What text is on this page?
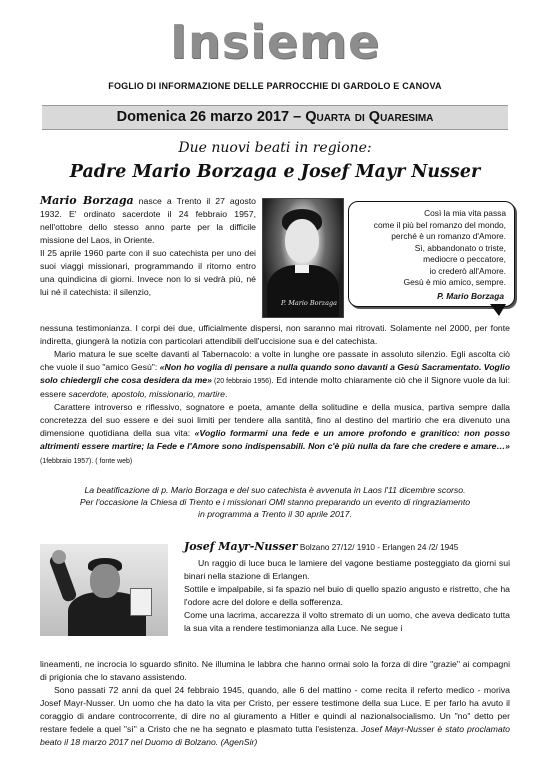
Insieme
FOGLIO DI INFORMAZIONE DELLE PARROCCHIE DI GARDOLO E CANOVA
Domenica 26 marzo 2017 – Quarta di Quaresima
Due nuovi beati in regione:
Padre Mario Borzaga e Josef Mayr Nusser

Mario Borzaga nasce a Trento il 27 agosto 1932. E' ordinato sacerdote il 24 febbraio 1957, nell'ottobre dello stesso anno parte per la difficile missione del Laos, in Oriente.

Il 25 aprile 1960 parte con il suo catechista per uno dei suoi viaggi missionari, programmando il ritorno entro una quindicina di giorni. Invece non lo si vedrà più, né lui né il catechista: il silenzio,

P. Mario Borzaga
Così la mia vita passa
come il più bel romanzo del mondo,
perché è un romanzo d'Amore.
Sì, abbandonato o triste,
mediocre o peccatore,
io crederò all'Amore.
Gesù è mio amico, sempre.
P. Mario Borzaga

nessuna testimonianza. I corpi dei due, ufficialmente dispersi, non saranno mai ritrovati. Solamente nel 2000, per fonte indiretta, giungerà la notizia con particolari attendibili dell'uccisione sua e del catechista.

Mario matura le sue scelte davanti al Tabernacolo: a volte in lunghe ore passate in assoluto silenzio. Egli ascolta ciò che vuole il suo "amico Gesù": «Non ho voglia di pensare a nulla quando sono davanti a Gesù Sacramentato. Voglio solo chiedergli che cosa desidera da me» (20 febbraio 1956). Ed intende molto chiaramente ciò che il Signore vuole da lui: essere sacerdote, apostolo, missionario, martire.

Carattere introverso e riflessivo, sognatore e poeta, amante della solitudine e della musica, partiva sempre dalla concretezza del suo essere e dei suoi limiti per tendere alla santità, fino al destino del martirio che era divenuto una dimensione quotidiana della sua vita: «Voglio formarmi una fede e un amore profondo e granitico: non posso altrimenti essere martire; la Fede e l'Amore sono indispensabili. Non c'è più nulla da fare che credere e amare…» (1febbraio 1957). ( fonte web)

La beatificazione di p. Mario Borzaga e del suo catechista è avvenuta in Laos l'11 dicembre scorso.
Per l'occasione la Chiesa di Trento e i missionari OMI stanno preparando un evento di ringraziamento
in programma a Trento il 30 aprile 2017.

Josef Mayr-Nusser Bolzano 27/12/ 1910 - Erlangen 24 /2/ 1945

Un raggio di luce buca le lamiere del vagone bestiame posteggiato da giorni sui binari nella stazione di Erlangen.

Sottile e impalpabile, si fa spazio nel buio di quello spazio angusto e ristretto, che ha l'odore acre del dolore e della sofferenza.

Come una lacrima, accarezza il volto stremato di un uomo, che aveva dedicato tutta la sua vita a rendere testimonianza alla Luce. Ne segue i

lineamenti, ne incrocia lo sguardo sfinito. Ne illumina le labbra che hanno ormai solo la forza di dire "grazie" ai compagni di prigionia che lo stavano assistendo.

Sono passati 72 anni da quel 24 febbraio 1945, quando, alle 6 del mattino - come recita il referto medico - moriva Josef Mayr-Nusser. Un uomo che ha dato la vita per Cristo, per essere testimone della sua Luce. E per farlo ha avuto il coraggio di andare controcorrente, di dire no al giuramento a Hitler e quindi al nazionalsocialismo. Un "no" detto per restare fedele a quel "sì" a Cristo che ne ha segnato e plasmato tutta l'esistenza. Josef Mayr-Nusser è stato proclamato beato il 18 marzo 2017 nel Duomo di Bolzano. (AgenSir)
